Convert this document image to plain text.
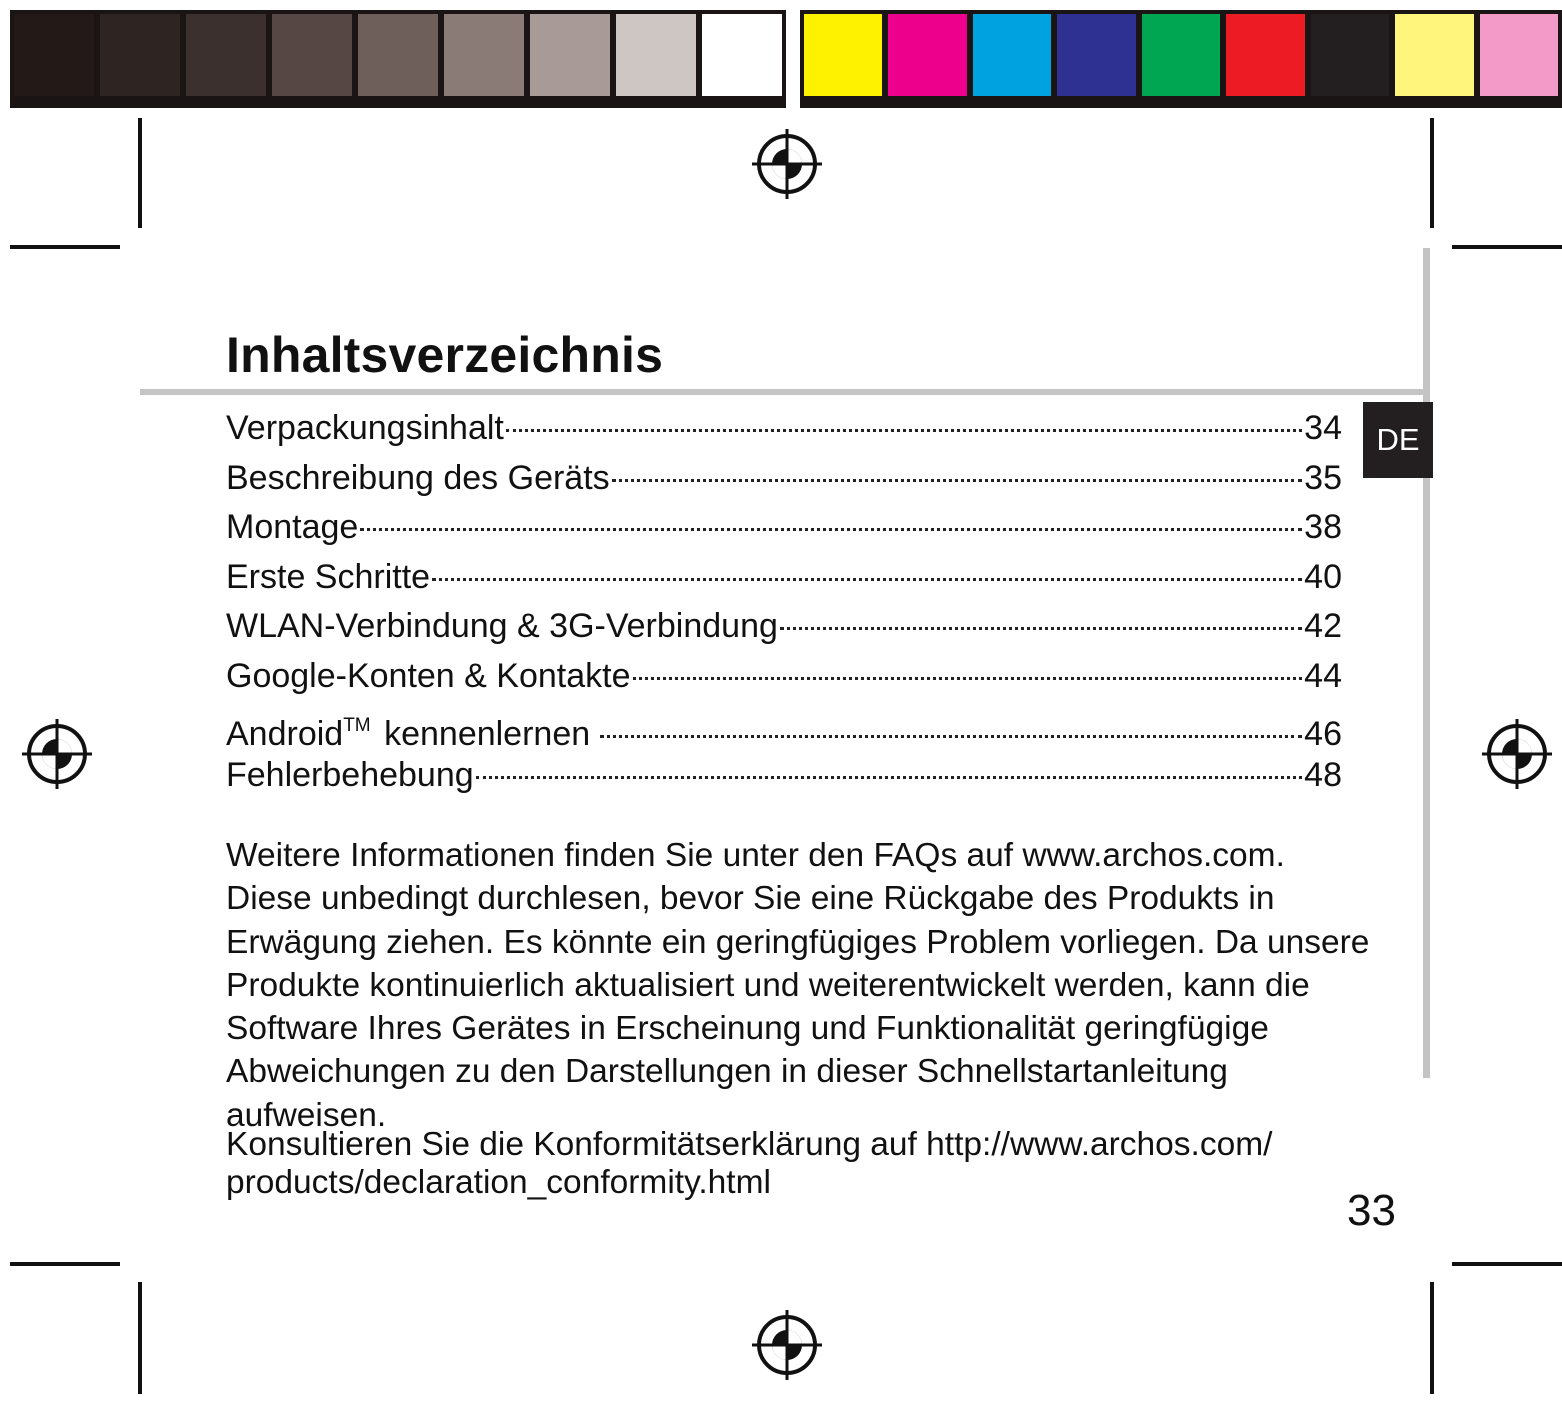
DE
Inhaltsverzeichnis
Verpackungsinhalt	34
Beschreibung des Geräts	35
Montage	38
Erste Schritte	40
WLAN-Verbindung & 3G-Verbindung	42
Google-Konten & Kontakte	44
Android™ kennenlernen	46
Fehlerbehebung	48

Weitere Informationen finden Sie unter den FAQs auf www.archos.com. Diese unbedingt durchlesen, bevor Sie eine Rückgabe des Produkts in Erwägung ziehen. Es könnte ein geringfügiges Problem vorliegen. Da unsere Produkte kontinuierlich aktualisiert und weiterentwickelt werden, kann die Software Ihres Gerätes in Erscheinung und Funktionalität geringfügige Abweichungen zu den Darstellungen in dieser Schnellstartanleitung aufweisen.

Konsultieren Sie die Konformitätserklärung auf http://www.archos.com/ products/declaration_conformity.html

33
